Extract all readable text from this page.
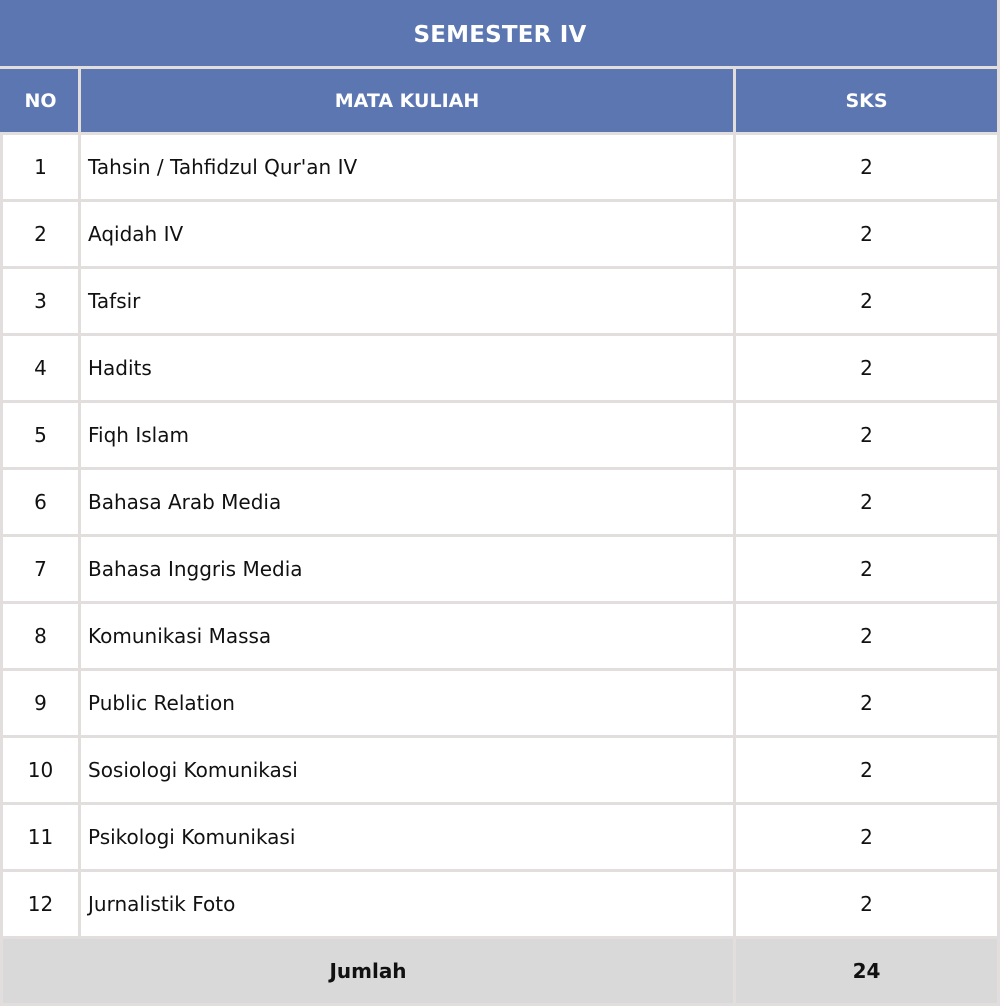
SEMESTER IV		
NO	MATA KULIAH	SKS
1	Tahsin / Tahfidzul Qur'an IV	2
2	Aqidah IV	2
3	Tafsir	2
4	Hadits	2
5	Fiqh Islam	2
6	Bahasa Arab Media	2
7	Bahasa Inggris Media	2
8	Komunikasi Massa	2
9	Public Relation	2
10	Sosiologi Komunikasi	2
11	Psikologi Komunikasi	2
12	Jurnalistik Foto	2
Jumlah		24
